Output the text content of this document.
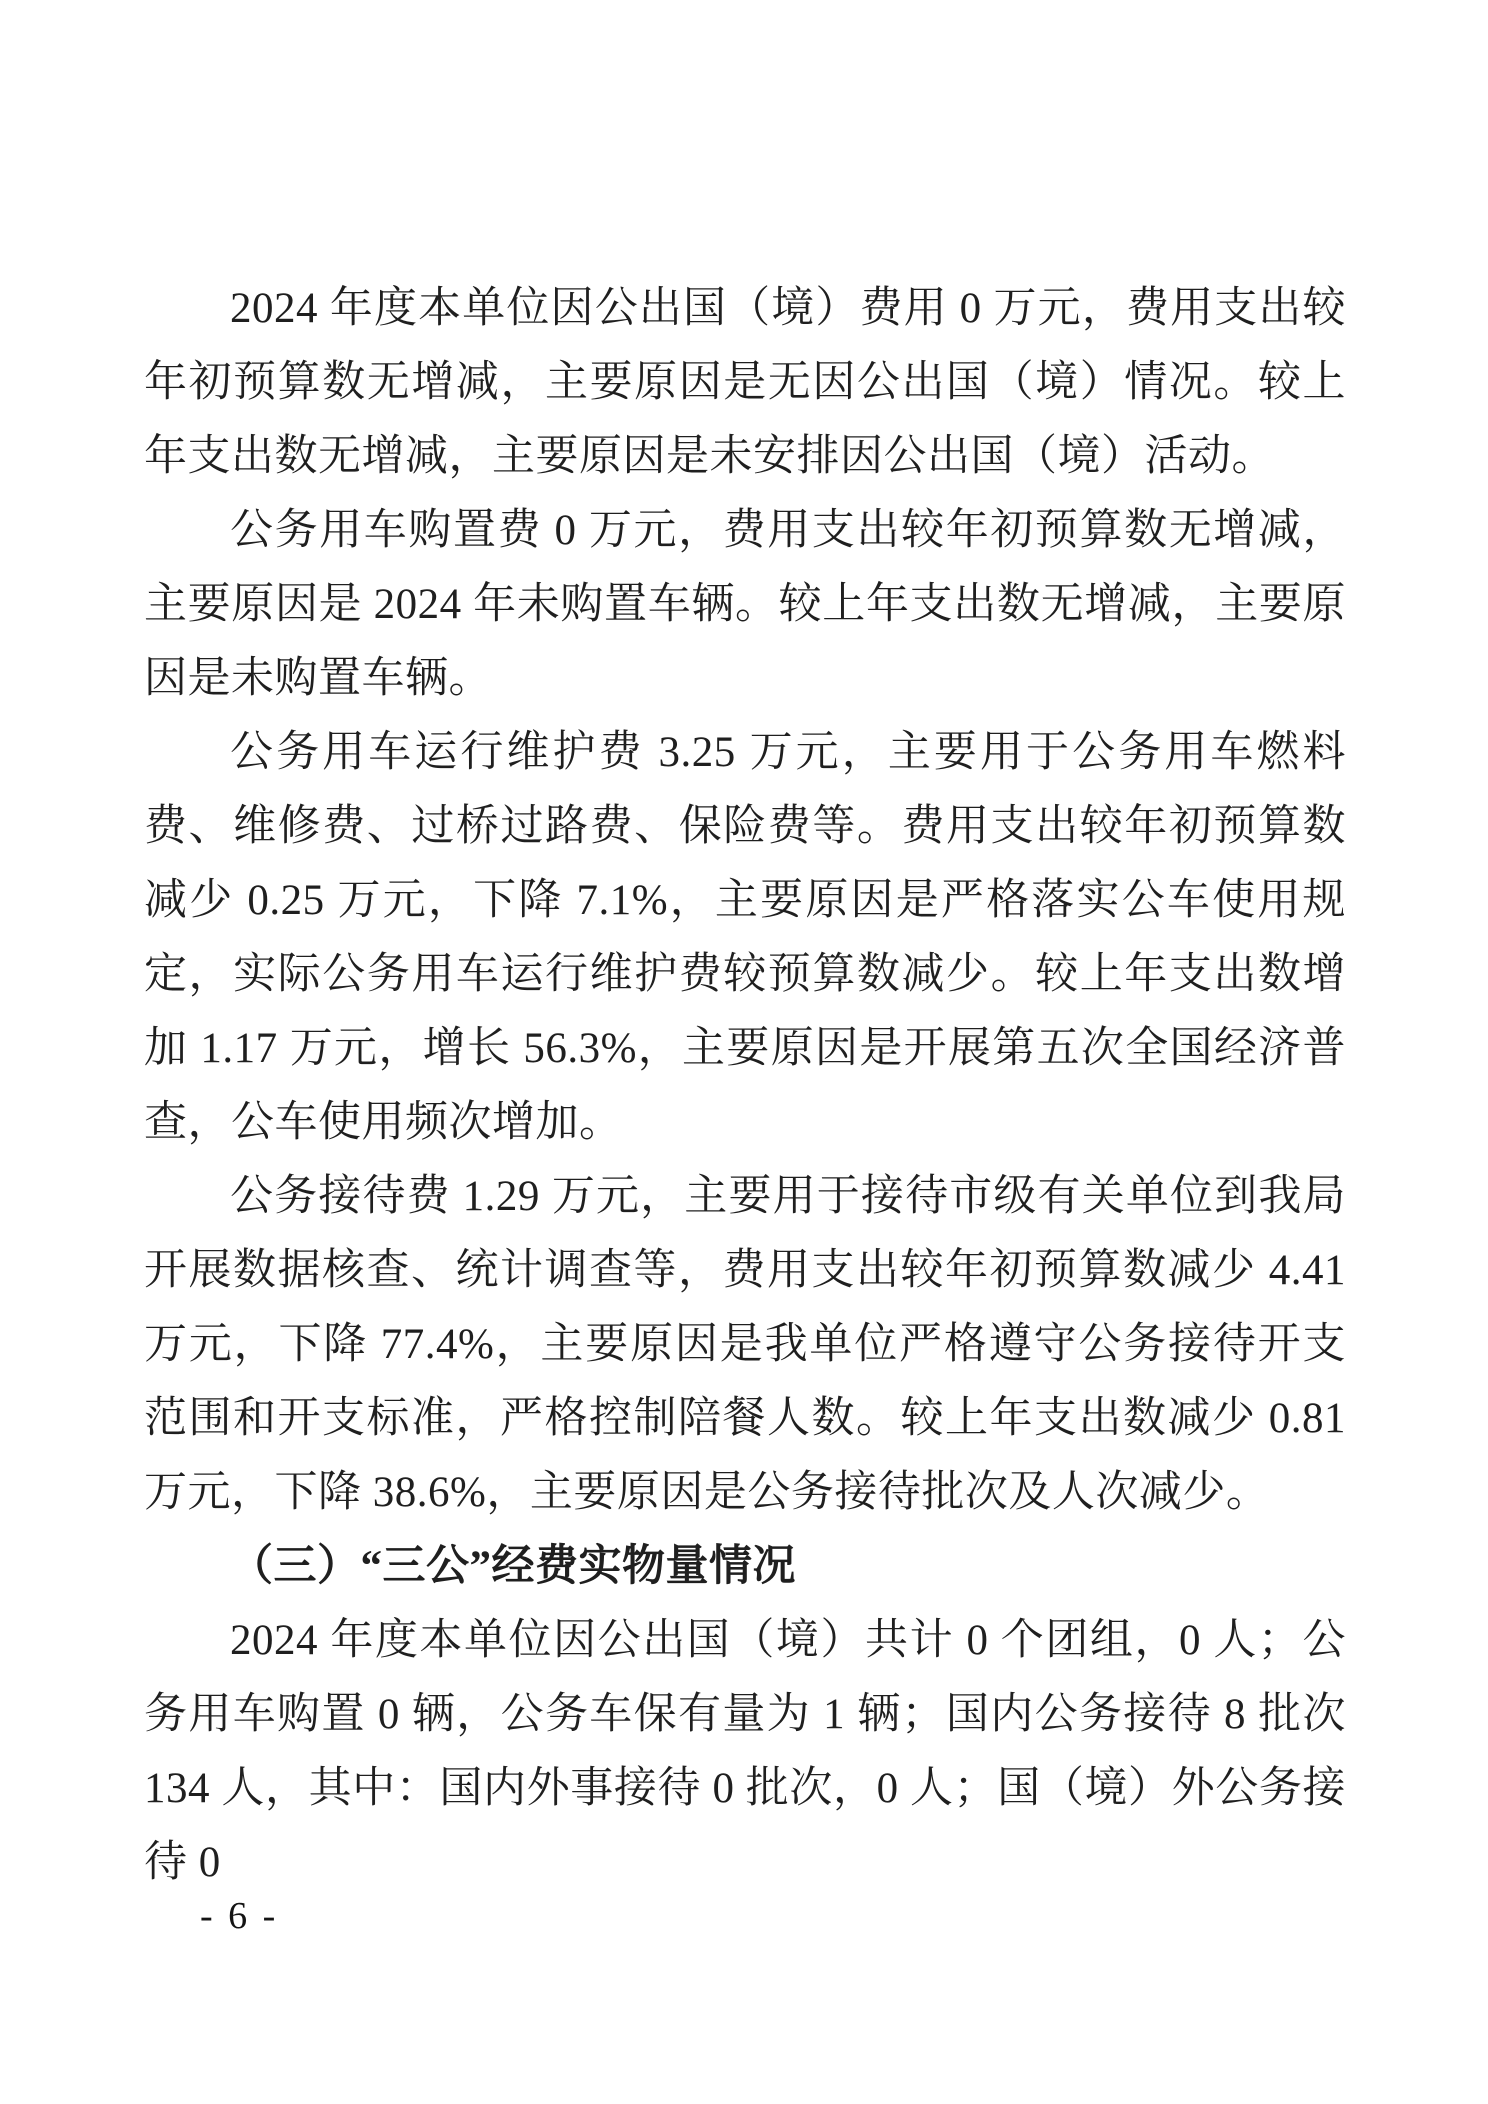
2024 年度本单位因公出国（境）费用 0 万元，费用支出较年初预算数无增减，主要原因是无因公出国（境）情况。较上年支出数无增减，主要原因是未安排因公出国（境）活动。

公务用车购置费 0 万元，费用支出较年初预算数无增减，主要原因是 2024 年未购置车辆。较上年支出数无增减，主要原因是未购置车辆。

公务用车运行维护费 3.25 万元，主要用于公务用车燃料费、维修费、过桥过路费、保险费等。费用支出较年初预算数减少 0.25 万元，下降 7.1%，主要原因是严格落实公车使用规定，实际公务用车运行维护费较预算数减少。较上年支出数增加 1.17 万元，增长 56.3%，主要原因是开展第五次全国经济普查，公车使用频次增加。

公务接待费 1.29 万元，主要用于接待市级有关单位到我局开展数据核查、统计调查等，费用支出较年初预算数减少 4.41 万元，下降 77.4%，主要原因是我单位严格遵守公务接待开支范围和开支标准，严格控制陪餐人数。较上年支出数减少 0.81 万元，下降 38.6%，主要原因是公务接待批次及人次减少。

（三）“三公”经费实物量情况

2024 年度本单位因公出国（境）共计 0 个团组，0 人；公务用车购置 0 辆，公务车保有量为 1 辆；国内公务接待 8 批次 134 人，其中：国内外事接待 0 批次，0 人；国（境）外公务接待 0

- 6 -
